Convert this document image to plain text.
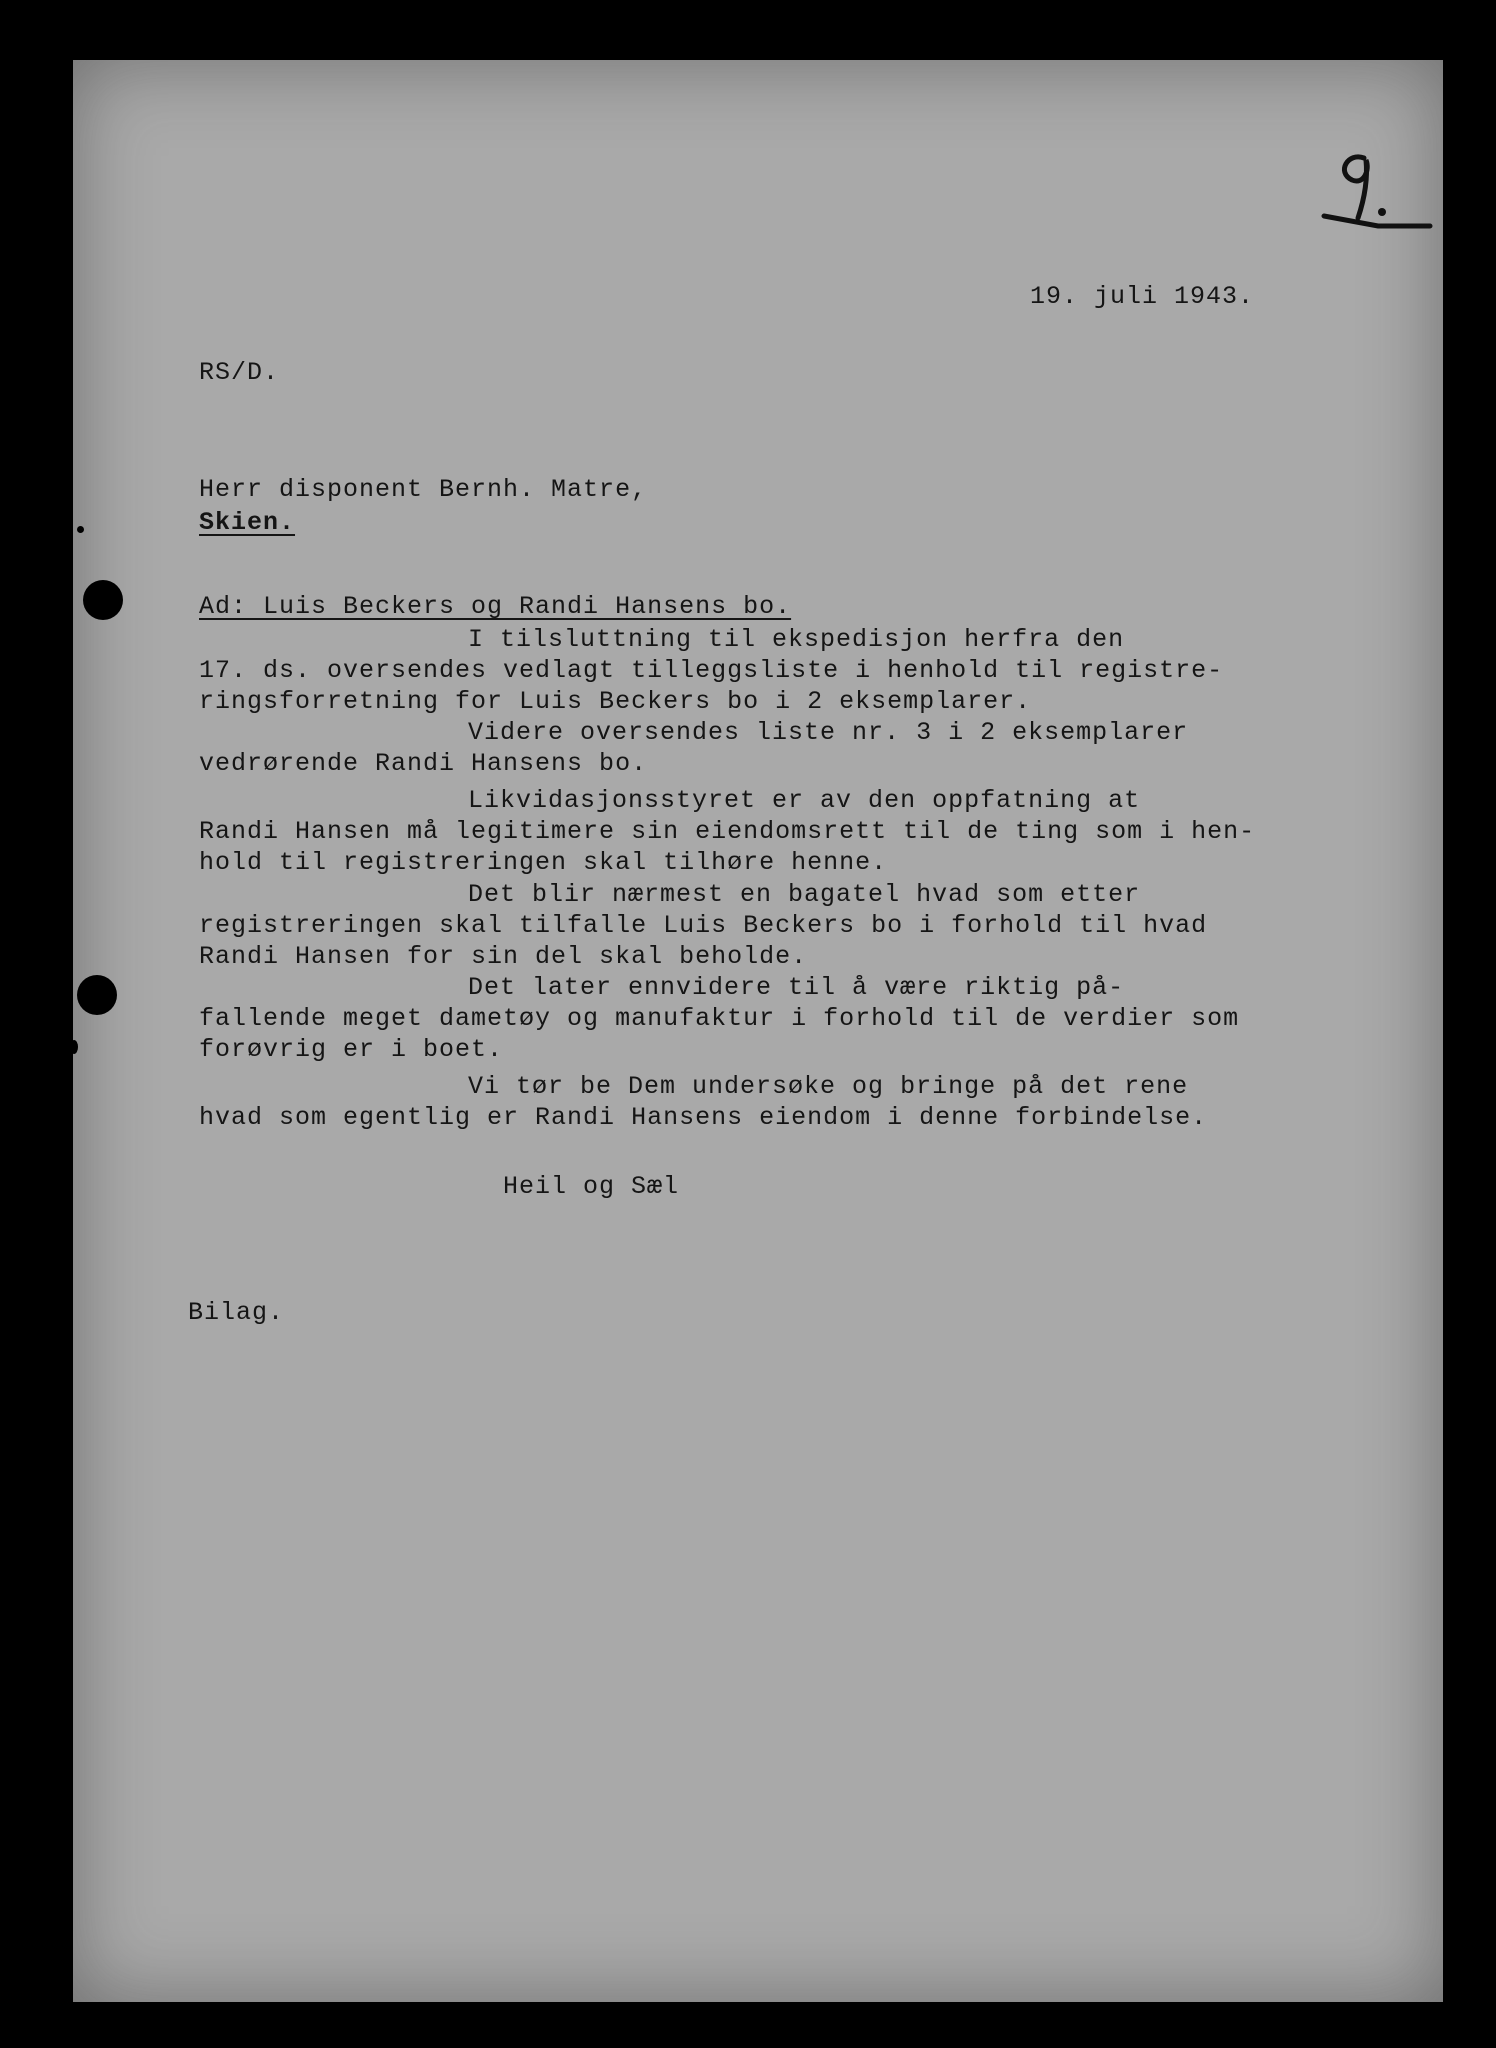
19. juli 1943.
RS/D.
Herr disponent Bernh. Matre,
Skien.
Ad: Luis Beckers og Randi Hansens bo.
I tilsluttning til ekspedisjon herfra den
17. ds. oversendes vedlagt tilleggsliste i henhold til registre-
ringsforretning for Luis Beckers bo i 2 eksemplarer.
Videre oversendes liste nr. 3 i 2 eksemplarer
vedrørende Randi Hansens bo.
Likvidasjonsstyret er av den oppfatning at
Randi Hansen må legitimere sin eiendomsrett til de ting som i hen-
hold til registreringen skal tilhøre henne.
Det blir nærmest en bagatel hvad som etter
registreringen skal tilfalle Luis Beckers bo i forhold til hvad
Randi Hansen for sin del skal beholde.
Det later ennvidere til å være riktig på-
fallende meget dametøy og manufaktur i forhold til de verdier som
forøvrig er i boet.
Vi tør be Dem undersøke og bringe på det rene
hvad som egentlig er Randi Hansens eiendom i denne forbindelse.
Heil og Sæl
Bilag.
